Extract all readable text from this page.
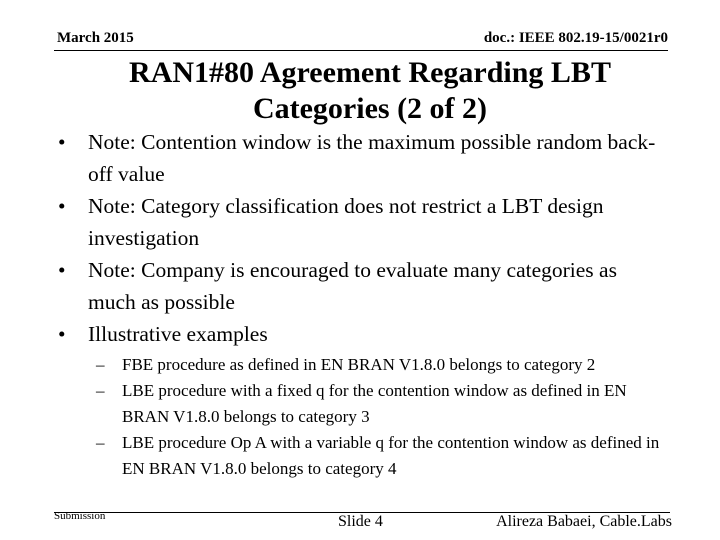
March 2015	doc.: IEEE 802.19-15/0021r0
RAN1#80 Agreement Regarding LBT
Categories (2 of 2)
• Note: Contention window is the maximum possible random back-off value
• Note: Category classification does not restrict a LBT design investigation
• Note: Company is encouraged to evaluate many categories as much as possible
• Illustrative examples
– FBE procedure as defined in EN BRAN V1.8.0 belongs to category 2
– LBE procedure with a fixed q for the contention window as defined in EN BRAN V1.8.0 belongs to category 3
– LBE procedure Op A with a variable q for the contention window as defined in EN BRAN V1.8.0 belongs to category 4
Submission	Slide 4	Alireza Babaei, Cable.Labs
